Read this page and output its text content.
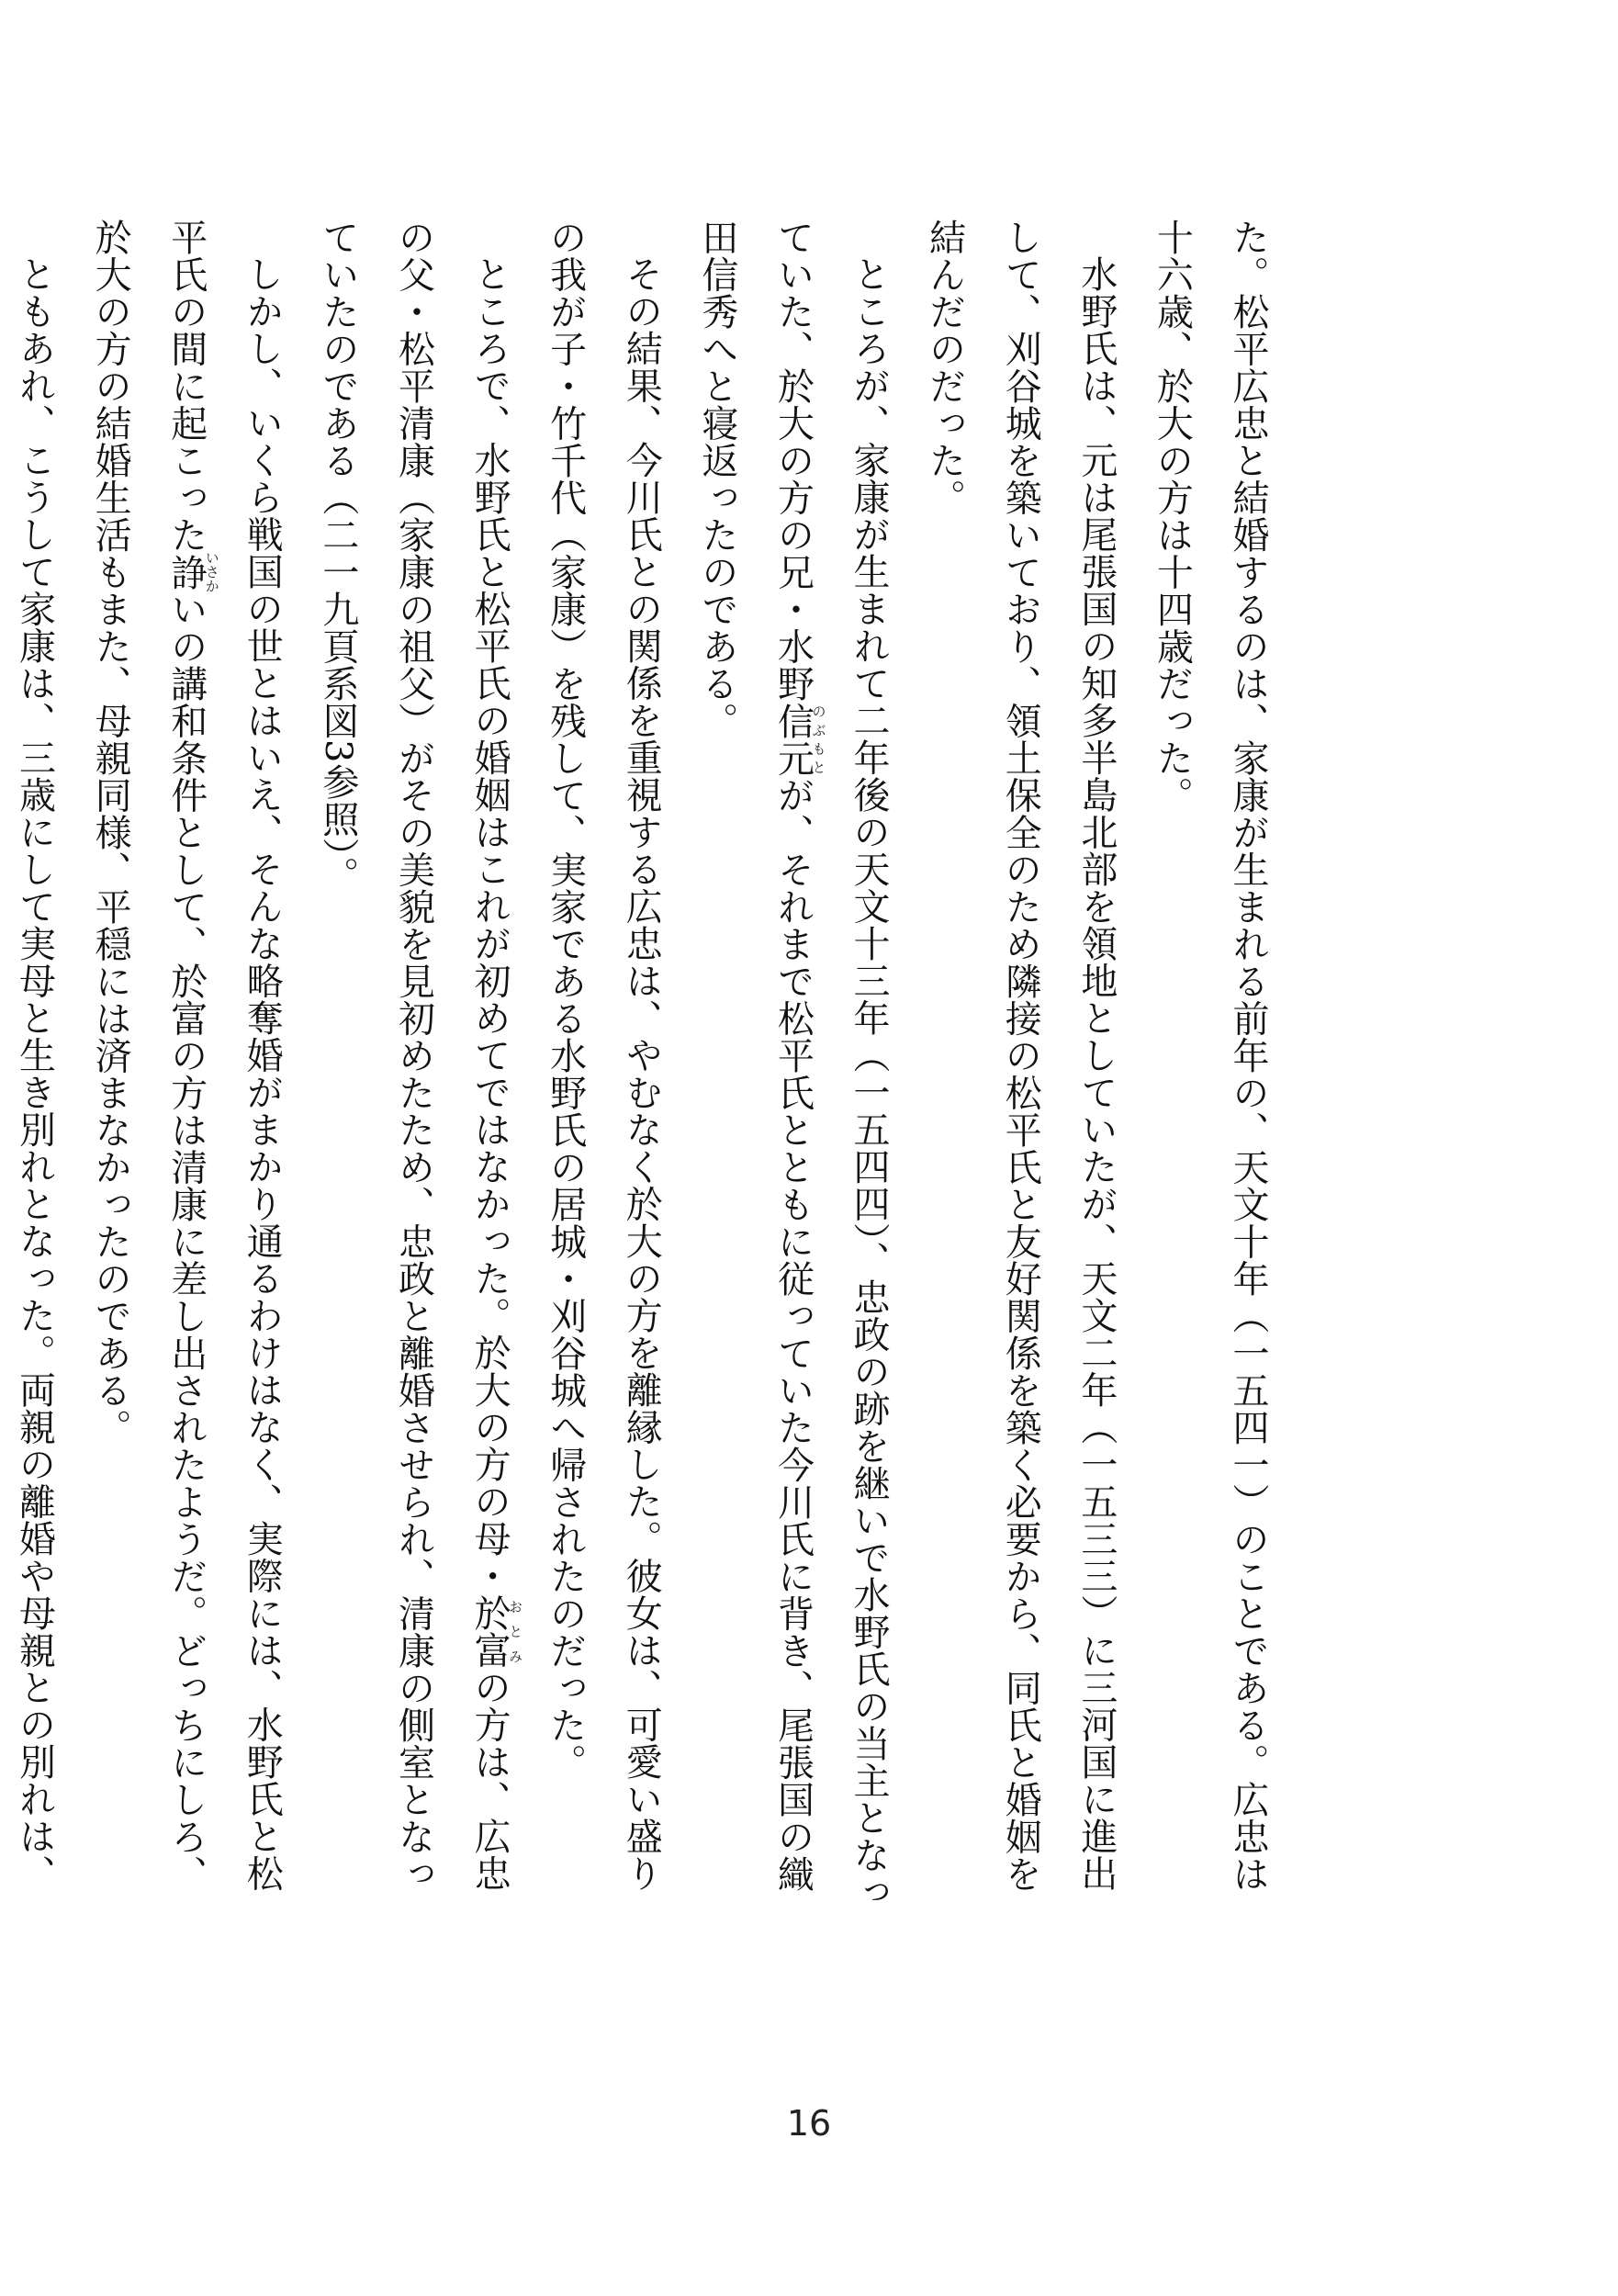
た。松平広忠と結婚するのは、家康が生まれる前年の、天文十年（一五四一）のことである。広忠は
十六歳、於大の方は十四歳だった。
水野氏は、元は尾張国の知多半島北部を領地としていたが、天文二年（一五三三）に三河国に進出
して、刈谷城を築いており、領土保全のため隣接の松平氏と友好関係を築く必要から、同氏と婚姻を
結んだのだった。
ところが、家康が生まれて二年後の天文十三年（一五四四）、忠政の跡を継いで水野氏の当主となっ
ていた、於大の方の兄・水野信元のぶもとが、それまで松平氏とともに従っていた今川氏に背き、尾張国の織
田信秀へと寝返ったのである。
その結果、今川氏との関係を重視する広忠は、やむなく於大の方を離縁した。彼女は、可愛い盛り
の我が子・竹千代（家康）を残して、実家である水野氏の居城・刈谷城へ帰されたのだった。
ところで、水野氏と松平氏の婚姻はこれが初めてではなかった。於大の方の母・於富おとみの方は、広忠
の父・松平清康（家康の祖父）がその美貌を見初めたため、忠政と離婚させられ、清康の側室となっ
ていたのである（二一九頁系図3参照）。
しかし、いくら戦国の世とはいえ、そんな略奪婚がまかり通るわけはなく、実際には、水野氏と松
平氏の間に起こった諍いさかいの講和条件として、於富の方は清康に差し出されたようだ。どっちにしろ、
於大の方の結婚生活もまた、母親同様、平穏には済まなかったのである。
ともあれ、こうして家康は、三歳にして実母と生き別れとなった。両親の離婚や母親との別れは、
16
